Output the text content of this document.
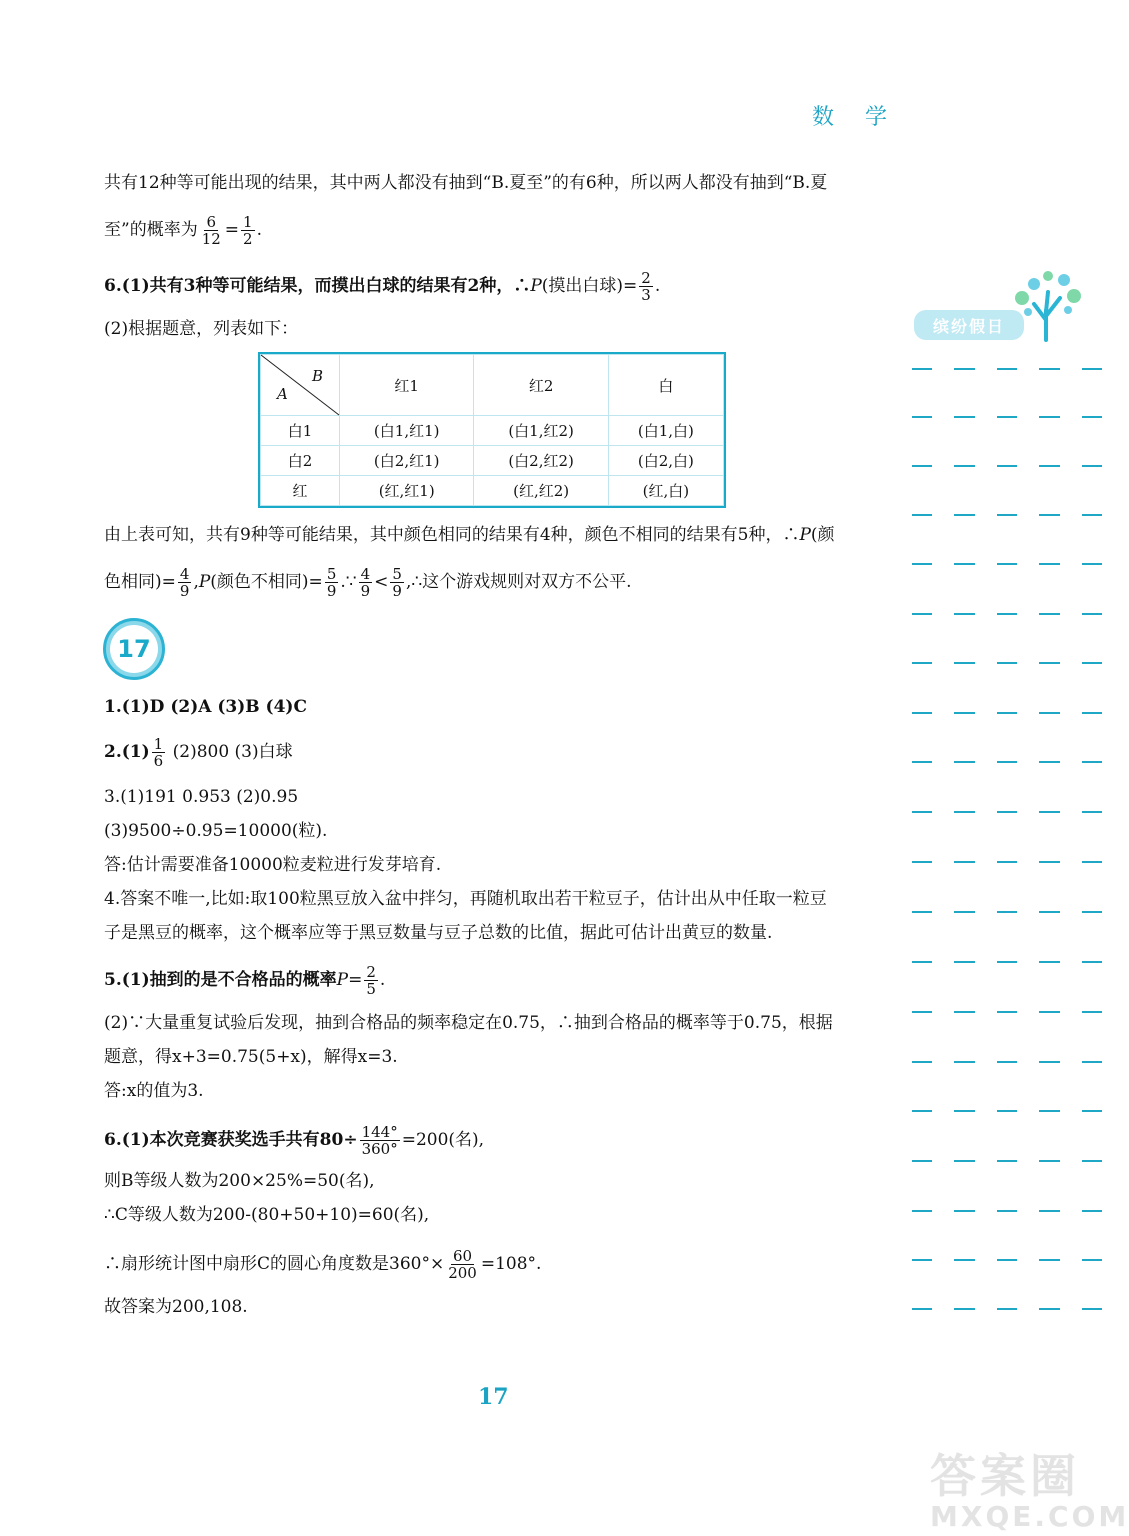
数 学
缤纷假日
共有12种等可能出现的结果，其中两人都没有抽到“B.夏至”的有6种，所以两人都没有抽到“B.夏
至”的概率为 $\frac{6}{12} = \frac{1}{2}$ .
6.(1)共有3种等可能结果，而摸出白球的结果有2种，∴P(摸出白球)= $\frac{2}{3}$ .
(2)根据题意，列表如下：
B
A	红1	红2	白
白1	(白1,红1)	(白1,红2)	(白1,白)
白2	(白2,红1)	(白2,红2)	(白2,白)
红	(红,红1)	(红,红2)	(红,白)
由上表可知，共有9种等可能结果，其中颜色相同的结果有4种，颜色不相同的结果有5种，∴P(颜
色相同)= $\frac{4}{9} ,P$(颜色不相同)= $\frac{5}{9}$ .∵ $\frac{4}{9} < \frac{5}{9}$ ,∴这个游戏规则对双方不公平.
17
1.(1)D (2)A (3)B (4)C
$2.(1) \frac{1}{6} (2)800$ (3)白球
3.(1)191 0.953 (2)0.95
(3)9500÷0.95=10000(粒).
答:估计需要准备10000粒麦粒进行发芽培育.
4.答案不唯一,比如:取100粒黑豆放入盆中拌匀，再随机取出若干粒豆子，估计出从中任取一粒豆
子是黑豆的概率，这个概率应等于黑豆数量与豆子总数的比值，据此可估计出黄豆的数量.
5.(1)抽到的是不合格品的概率$P= \frac{2}{5}$ .
(2)∵大量重复试验后发现，抽到合格品的频率稳定在0.75，∴抽到合格品的概率等于0.75，根据
题意，得x+3=0.75(5+x)，解得x=3.
答:x的值为3.
6.(1)本次竞赛获奖选手共有$80\div \frac{144^\circ}{360^\circ} =200$(名),
则B等级人数为200×25%=50(名),
∴C等级人数为200-(80+50+10)=60(名),
∴扇形统计图中扇形C的圆心角度数是$360^\circ\times \frac{60}{200} =108^\circ$.
故答案为200,108.
17
答案圈
MXQE.COM
